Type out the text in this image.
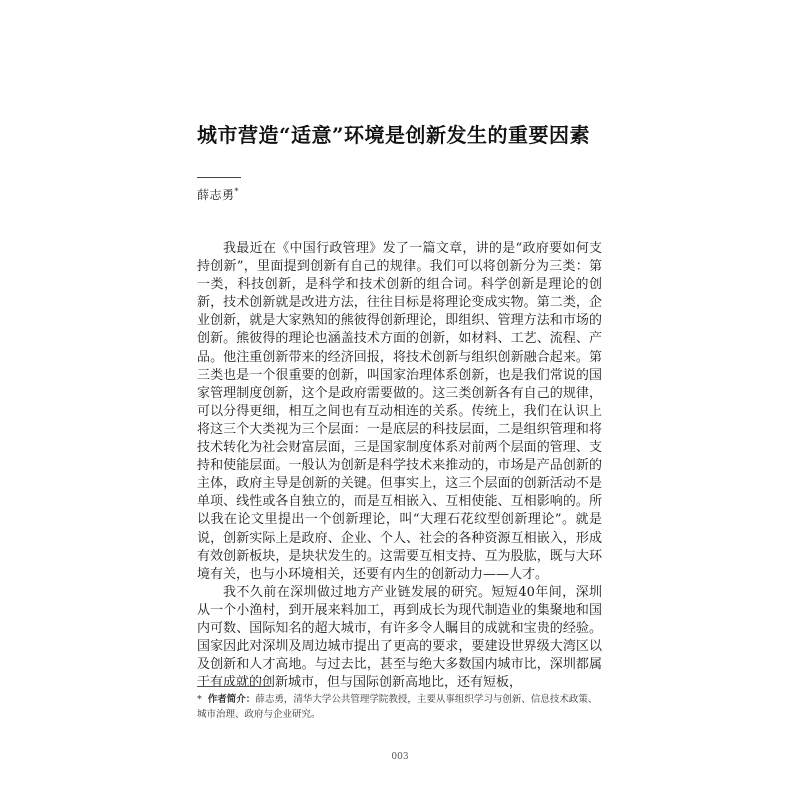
城市营造“适意”环境是创新发生的重要因素
薛志勇*

我最近在《中国行政管理》发了一篇文章，讲的是“政府要如何支持创新”，里面提到创新有自己的规律。我们可以将创新分为三类：第一类，科技创新，是科学和技术创新的组合词。科学创新是理论的创新，技术创新就是改进方法，往往目标是将理论变成实物。第二类，企业创新，就是大家熟知的熊彼得创新理论，即组织、管理方法和市场的创新。熊彼得的理论也涵盖技术方面的创新，如材料、工艺、流程、产品。他注重创新带来的经济回报，将技术创新与组织创新融合起来。第三类也是一个很重要的创新，叫国家治理体系创新，也是我们常说的国家管理制度创新，这个是政府需要做的。这三类创新各有自己的规律，可以分得更细，相互之间也有互动相连的关系。传统上，我们在认识上将这三个大类视为三个层面：一是底层的科技层面，二是组织管理和将技术转化为社会财富层面，三是国家制度体系对前两个层面的管理、支持和使能层面。一般认为创新是科学技术来推动的，市场是产品创新的主体，政府主导是创新的关键。但事实上，这三个层面的创新活动不是单项、线性或各自独立的，而是互相嵌入、互相使能、互相影响的。所以我在论文里提出一个创新理论，叫“大理石花纹型创新理论”。就是说，创新实际上是政府、企业、个人、社会的各种资源互相嵌入，形成有效创新板块，是块状发生的。这需要互相支持、互为股肱，既与大环境有关，也与小环境相关，还要有内生的创新动力——人才。

我不久前在深圳做过地方产业链发展的研究。短短40年间，深圳从一个小渔村，到开展来料加工，再到成长为现代制造业的集聚地和国内可数、国际知名的超大城市，有许多令人瞩目的成就和宝贵的经验。国家因此对深圳及周边城市提出了更高的要求，要建设世界级大湾区以及创新和人才高地。与过去比，甚至与绝大多数国内城市比，深圳都属于有成就的创新城市，但与国际创新高地比，还有短板，

* 作者简介：薛志勇，清华大学公共管理学院教授，主要从事组织学习与创新、信息技术政策、城市治理、政府与企业研究。
003
